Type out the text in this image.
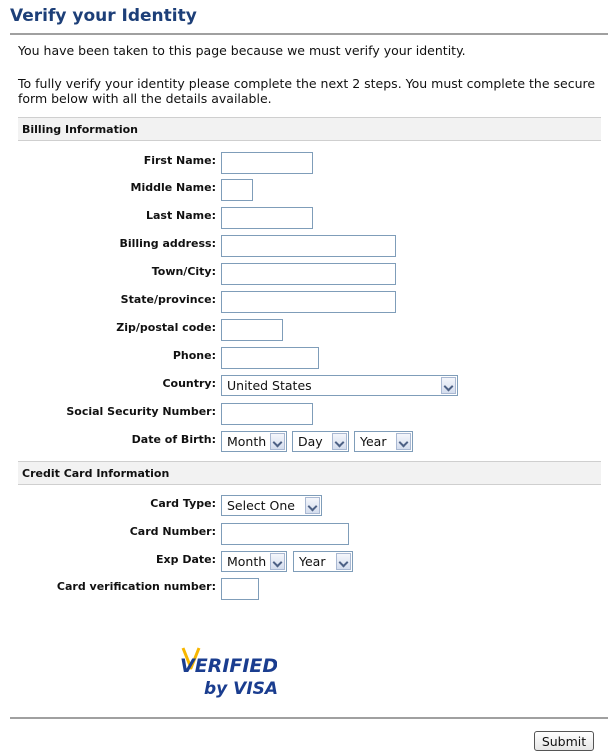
Verify your Identity
You have been taken to this page because we must verify your identity.
To fully verify your identity please complete the next 2 steps. You must complete the secure form below with all the details available.
Billing Information
First Name:
Middle Name:
Last Name:
Billing address:
Town/City:
State/province:
Zip/postal code:
Phone:
Country: United States
Social Security Number:
Date of Birth: Month	Day	Year
Credit Card Information
Card Type: Select One
Card Number:
Exp Date: Month	Year
Card verification number:
VERIFIED
by VISA
Submit
